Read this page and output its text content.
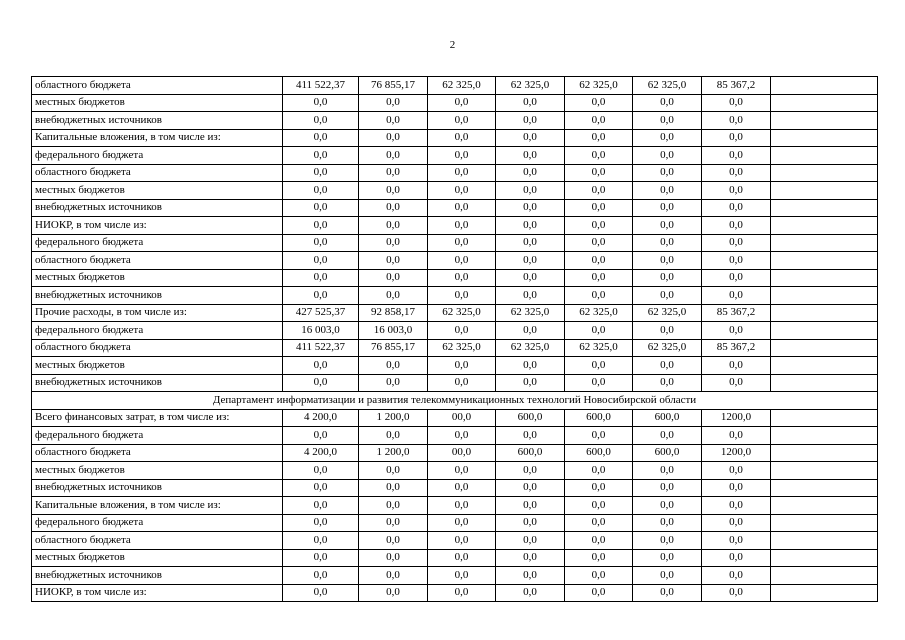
2
областного бюджета	411 522,37	76 855,17	62 325,0	62 325,0	62 325,0	62 325,0	85 367,2	
местных бюджетов	0,0	0,0	0,0	0,0	0,0	0,0	0,0	
внебюджетных источников	0,0	0,0	0,0	0,0	0,0	0,0	0,0	
Капитальные вложения, в том числе из:	0,0	0,0	0,0	0,0	0,0	0,0	0,0	
федерального бюджета	0,0	0,0	0,0	0,0	0,0	0,0	0,0	
областного бюджета	0,0	0,0	0,0	0,0	0,0	0,0	0,0	
местных бюджетов	0,0	0,0	0,0	0,0	0,0	0,0	0,0	
внебюджетных источников	0,0	0,0	0,0	0,0	0,0	0,0	0,0	
НИОКР, в том числе из:	0,0	0,0	0,0	0,0	0,0	0,0	0,0	
федерального бюджета	0,0	0,0	0,0	0,0	0,0	0,0	0,0	
областного бюджета	0,0	0,0	0,0	0,0	0,0	0,0	0,0	
местных бюджетов	0,0	0,0	0,0	0,0	0,0	0,0	0,0	
внебюджетных источников	0,0	0,0	0,0	0,0	0,0	0,0	0,0	
Прочие расходы, в том числе из:	427 525,37	92 858,17	62 325,0	62 325,0	62 325,0	62 325,0	85 367,2	
федерального бюджета	16 003,0	16 003,0	0,0	0,0	0,0	0,0	0,0	
областного бюджета	411 522,37	76 855,17	62 325,0	62 325,0	62 325,0	62 325,0	85 367,2	
местных бюджетов	0,0	0,0	0,0	0,0	0,0	0,0	0,0	
внебюджетных источников	0,0	0,0	0,0	0,0	0,0	0,0	0,0	
Департамент информатизации и развития телекоммуникационных технологий Новосибирской области								
Всего финансовых затрат, в том числе из:	4 200,0	1 200,0	00,0	600,0	600,0	600,0	1200,0	
федерального бюджета	0,0	0,0	0,0	0,0	0,0	0,0	0,0	
областного бюджета	4 200,0	1 200,0	00,0	600,0	600,0	600,0	1200,0	
местных бюджетов	0,0	0,0	0,0	0,0	0,0	0,0	0,0	
внебюджетных источников	0,0	0,0	0,0	0,0	0,0	0,0	0,0	
Капитальные вложения, в том числе из:	0,0	0,0	0,0	0,0	0,0	0,0	0,0	
федерального бюджета	0,0	0,0	0,0	0,0	0,0	0,0	0,0	
областного бюджета	0,0	0,0	0,0	0,0	0,0	0,0	0,0	
местных бюджетов	0,0	0,0	0,0	0,0	0,0	0,0	0,0	
внебюджетных источников	0,0	0,0	0,0	0,0	0,0	0,0	0,0	
НИОКР, в том числе из:	0,0	0,0	0,0	0,0	0,0	0,0	0,0	
